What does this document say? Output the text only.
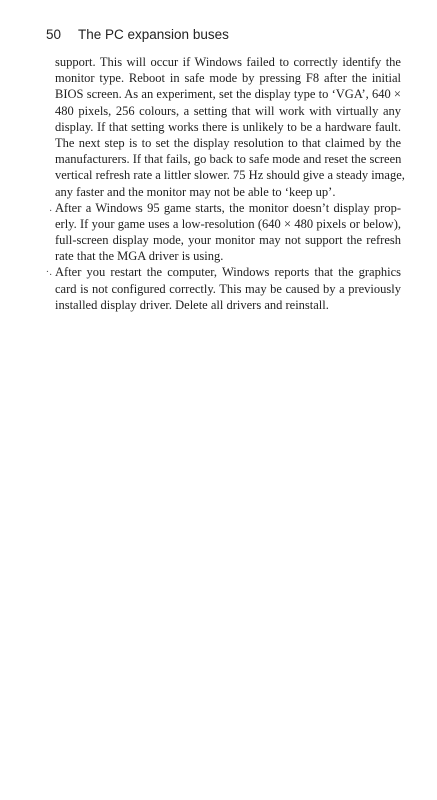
50 The PC expansion buses
support. This will occur if Windows failed to correctly identify the
monitor type. Reboot in safe mode by pressing F8 after the initial
BIOS screen. As an experiment, set the display type to ‘VGA’, 640 ×
480 pixels, 256 colours, a setting that will work with virtually any
display. If that setting works there is unlikely to be a hardware fault.
The next step is to set the display resolution to that claimed by the
manufacturers. If that fails, go back to safe mode and reset the screen
vertical refresh rate a littler slower. 75 Hz should give a steady image,
any faster and the monitor may not be able to ‘keep up’.
. After a Windows 95 game starts, the monitor doesn’t display prop-
erly. If your game uses a low-resolution (640 × 480 pixels or below),
full-screen display mode, your monitor may not support the refresh
rate that the MGA driver is using.
·. After you restart the computer, Windows reports that the graphics
card is not configured correctly. This may be caused by a previously
installed display driver. Delete all drivers and reinstall.
